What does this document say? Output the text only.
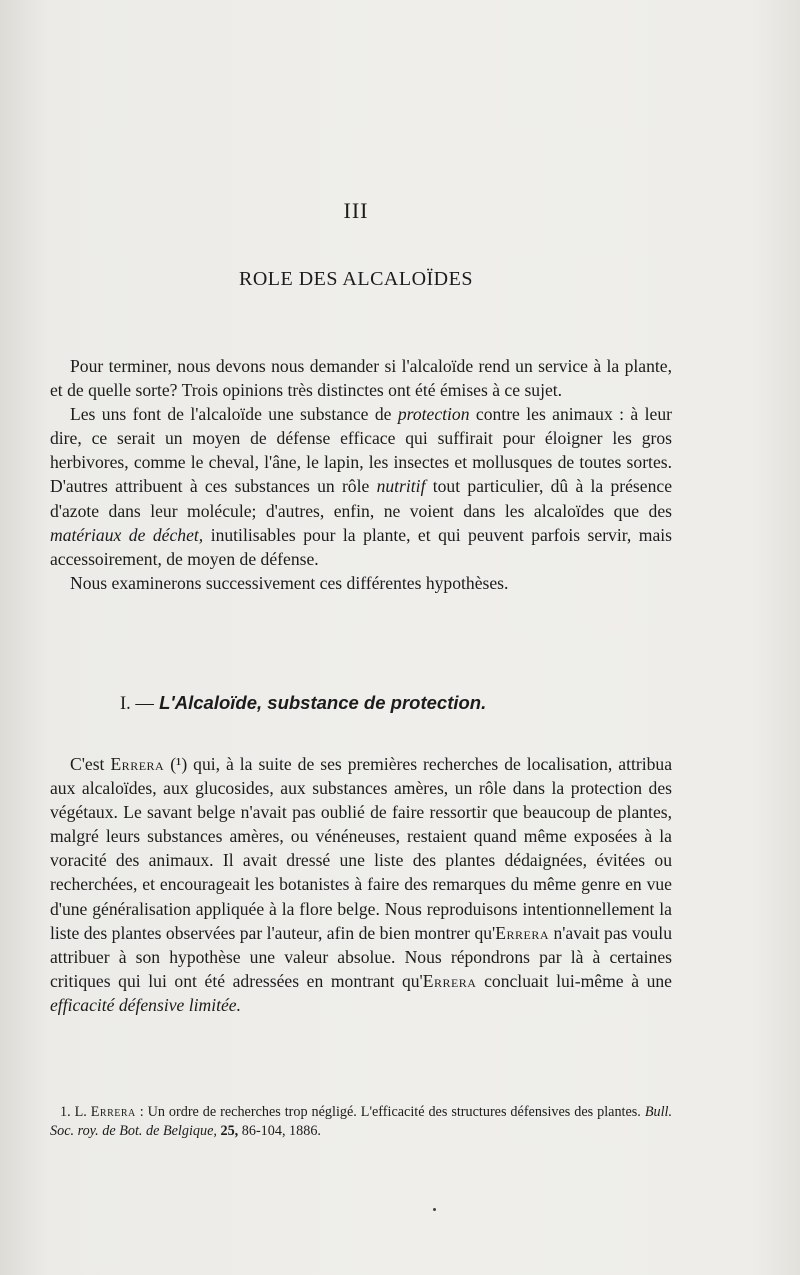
III
ROLE DES ALCALOÏDES

Pour terminer, nous devons nous demander si l'alcaloïde rend un service à la plante, et de quelle sorte? Trois opinions très distinctes ont été émises à ce sujet.

Les uns font de l'alcaloïde une substance de protection contre les animaux : à leur dire, ce serait un moyen de défense efficace qui suffirait pour éloigner les gros herbivores, comme le cheval, l'âne, le lapin, les insectes et mollusques de toutes sortes. D'autres attribuent à ces substances un rôle nutritif tout particulier, dû à la présence d'azote dans leur molécule; d'autres, enfin, ne voient dans les alcaloïdes que des matériaux de déchet, inutilisables pour la plante, et qui peuvent parfois servir, mais accessoirement, de moyen de défense.

Nous examinerons successivement ces différentes hypothèses.

I. — L'Alcaloïde, substance de protection.

C'est Errera (¹) qui, à la suite de ses premières recherches de localisation, attribua aux alcaloïdes, aux glucosides, aux substances amères, un rôle dans la protection des végétaux. Le savant belge n'avait pas oublié de faire ressortir que beaucoup de plantes, malgré leurs substances amères, ou vénéneuses, restaient quand même exposées à la voracité des animaux. Il avait dressé une liste des plantes dédaignées, évitées ou recherchées, et encourageait les botanistes à faire des remarques du même genre en vue d'une généralisation appliquée à la flore belge. Nous reproduisons intentionnellement la liste des plantes observées par l'auteur, afin de bien montrer qu'Errera n'avait pas voulu attribuer à son hypothèse une valeur absolue. Nous répondrons par là à certaines critiques qui lui ont été adressées en montrant qu'Errera concluait lui-même à une efficacité défensive limitée.

1. L. Errera : Un ordre de recherches trop négligé. L'efficacité des structures défensives des plantes. Bull. Soc. roy. de Bot. de Belgique, 25, 86-104, 1886.
